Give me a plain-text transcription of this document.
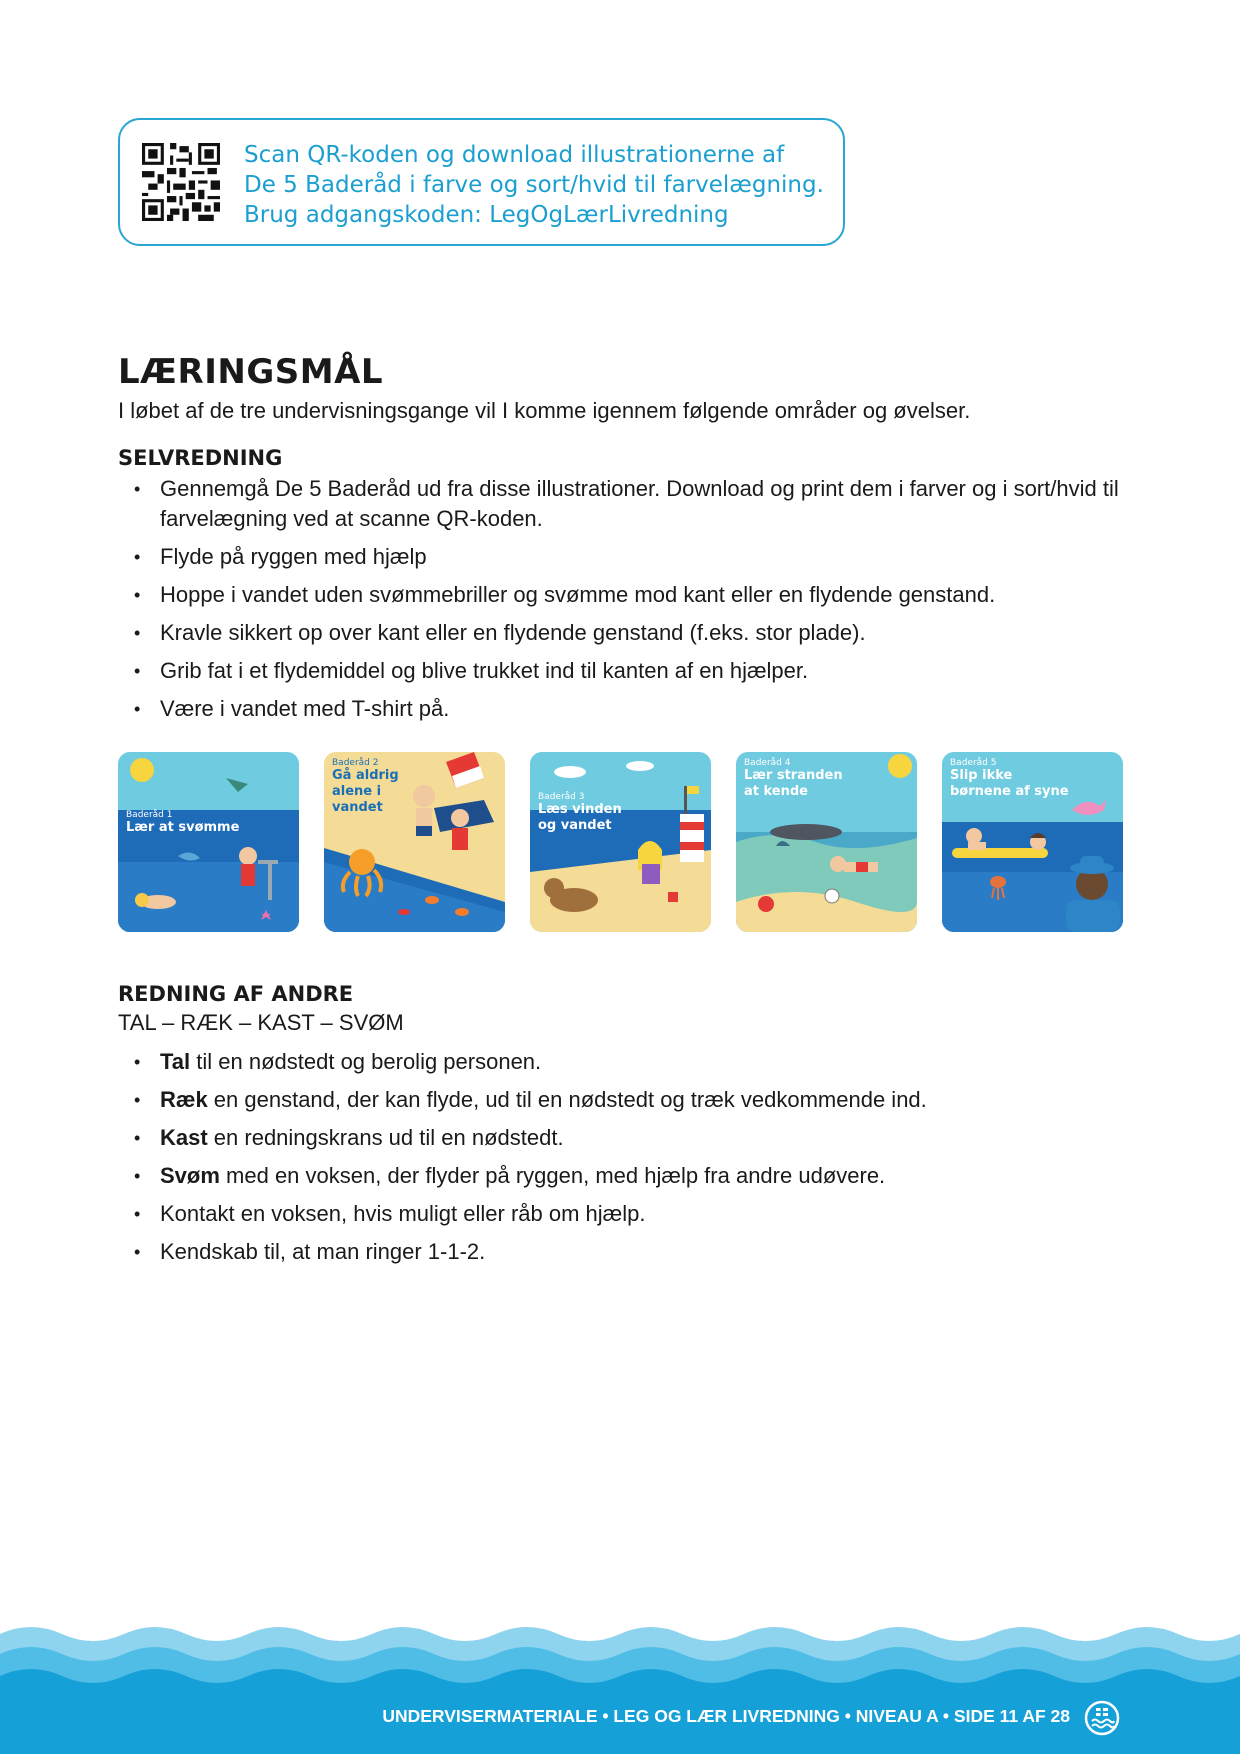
Scan QR-koden og download illustrationerne af
De 5 Baderåd i farve og sort/hvid til farvelægning.
Brug adgangskoden: LegOgLærLivredning
LÆRINGSMÅL

I løbet af de tre undervisningsgange vil I komme igennem følgende områder og øvelser.

SELVREDNING
• Gennemgå De 5 Baderåd ud fra disse illustrationer. Download og print dem i farver og i sort/hvid til farvelægning ved at scanne QR-koden.
• Flyde på ryggen med hjælp
• Hoppe i vandet uden svømmebriller og svømme mod kant eller en flydende genstand.
• Kravle sikkert op over kant eller en flydende genstand (f.eks. stor plade).
• Grib fat i et flydemiddel og blive trukket ind til kanten af en hjælper.
• Være i vandet med T-shirt på.
Baderåd 1
Lær at svømme
Baderåd 2
Gå aldrig
alene i
vandet
Baderåd 3
Læs vinden
og vandet
Baderåd 4
Lær stranden
at kende
Baderåd 5
Slip ikke
børnene af syne
REDNING AF ANDRE

TAL – RÆK – KAST – SVØM

• Tal til en nødstedt og berolig personen.
• Ræk en genstand, der kan flyde, ud til en nødstedt og træk vedkommende ind.
• Kast en redningskrans ud til en nødstedt.
• Svøm med en voksen, der flyder på ryggen, med hjælp fra andre udøvere.
• Kontakt en voksen, hvis muligt eller råb om hjælp.
• Kendskab til, at man ringer 1-1-2.
UNDERVISERMATERIALE • LEG OG LÆR LIVREDNING • NIVEAU A • SIDE 11 AF 28
